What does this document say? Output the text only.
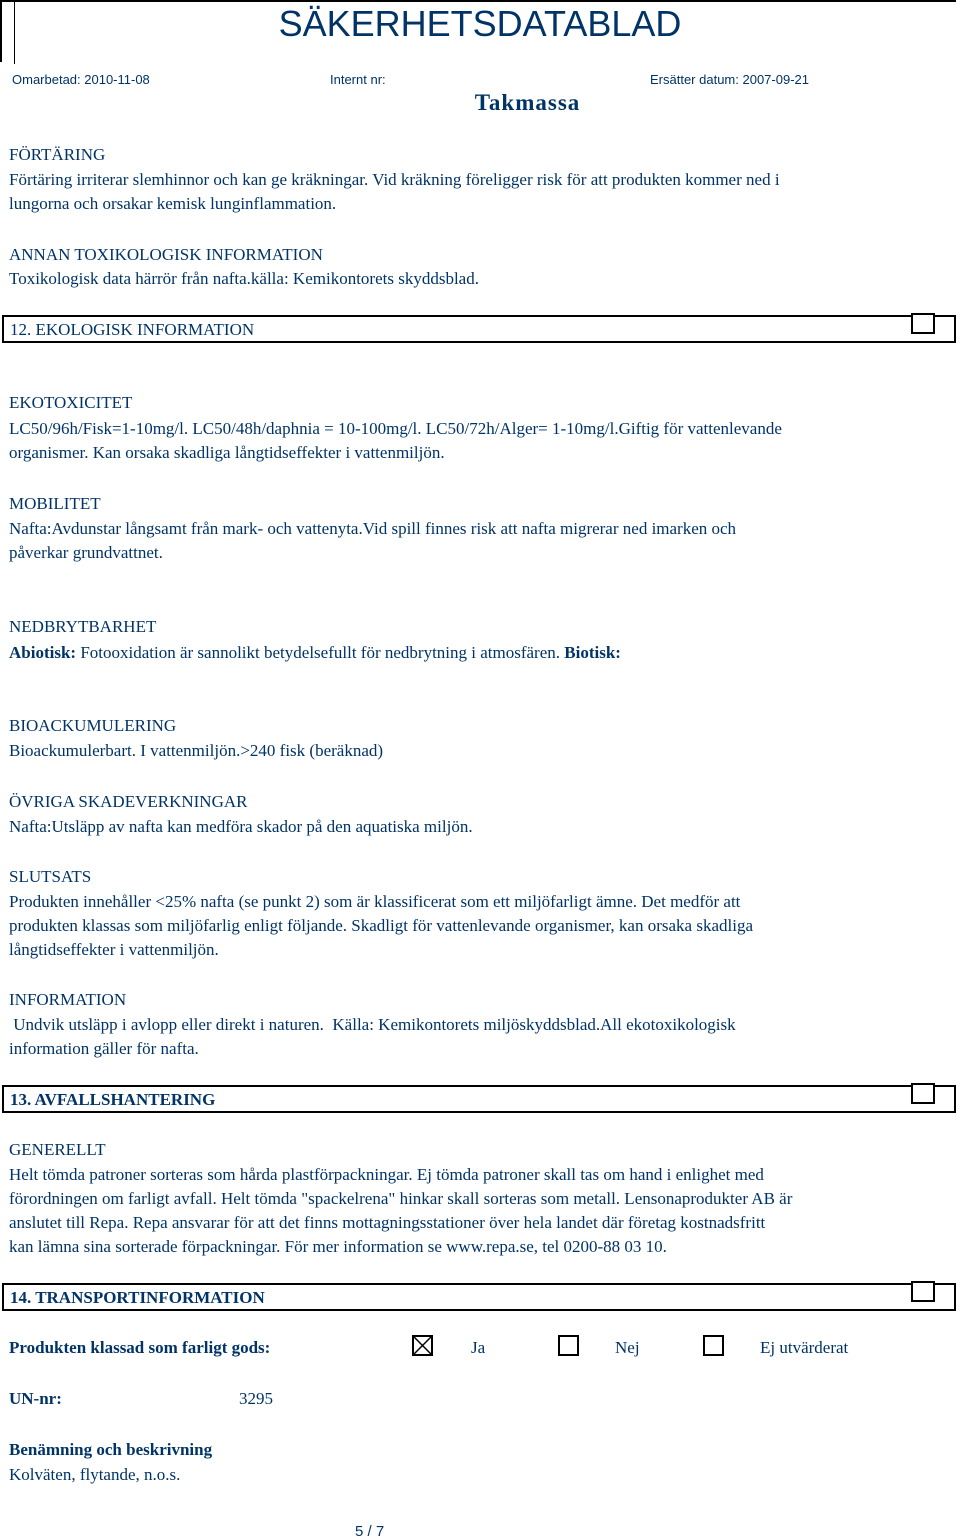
SÄKERHETSDATABLAD
Omarbetad: 2010-11-08	Internt nr:	Ersätter datum: 2007-09-21
Takmassa
FÖRTÄRING
Förtäring irriterar slemhinnor och kan ge kräkningar. Vid kräkning föreligger risk för att produkten kommer ned i
lungorna och orsakar kemisk lunginflammation.
ANNAN TOXIKOLOGISK INFORMATION
Toxikologisk data härrör från nafta.källa: Kemikontorets skyddsblad.
12. EKOLOGISK INFORMATION
EKOTOXICITET
LC50/96h/Fisk=1-10mg/l. LC50/48h/daphnia = 10-100mg/l. LC50/72h/Alger= 1-10mg/l.Giftig för vattenlevande
organismer. Kan orsaka skadliga långtidseffekter i vattenmiljön.
MOBILITET
Nafta:Avdunstar långsamt från mark- och vattenyta.Vid spill finnes risk att nafta migrerar ned imarken och
påverkar grundvattnet.
NEDBRYTBARHET
Abiotisk: Fotooxidation är sannolikt betydelsefullt för nedbrytning i atmosfären. Biotisk:
BIOACKUMULERING
Bioackumulerbart. I vattenmiljön.>240 fisk (beräknad)
ÖVRIGA SKADEVERKNINGAR
Nafta:Utsläpp av nafta kan medföra skador på den aquatiska miljön.
SLUTSATS
Produkten innehåller <25% nafta (se punkt 2) som är klassificerat som ett miljöfarligt ämne. Det medför att
produkten klassas som miljöfarlig enligt följande. Skadligt för vattenlevande organismer, kan orsaka skadliga
långtidseffekter i vattenmiljön.
INFORMATION
Undvik utsläpp i avlopp eller direkt i naturen.  Källa: Kemikontorets miljöskyddsblad.All ekotoxikologisk
information gäller för nafta.
13. AVFALLSHANTERING
GENERELLT
Helt tömda patroner sorteras som hårda plastförpackningar. Ej tömda patroner skall tas om hand i enlighet med
förordningen om farligt avfall. Helt tömda "spackelrena" hinkar skall sorteras som metall. Lensonaprodukter AB är
anslutet till Repa. Repa ansvarar för att det finns mottagningsstationer över hela landet där företag kostnadsfritt
kan lämna sina sorterade förpackningar. För mer information se www.repa.se, tel 0200-88 03 10.
14. TRANSPORTINFORMATION
Produkten klassad som farligt gods:	Ja	Nej	Ej utvärderat
UN-nr:	3295
Benämning och beskrivning
Kolväten, flytande, n.o.s.
5 / 7
